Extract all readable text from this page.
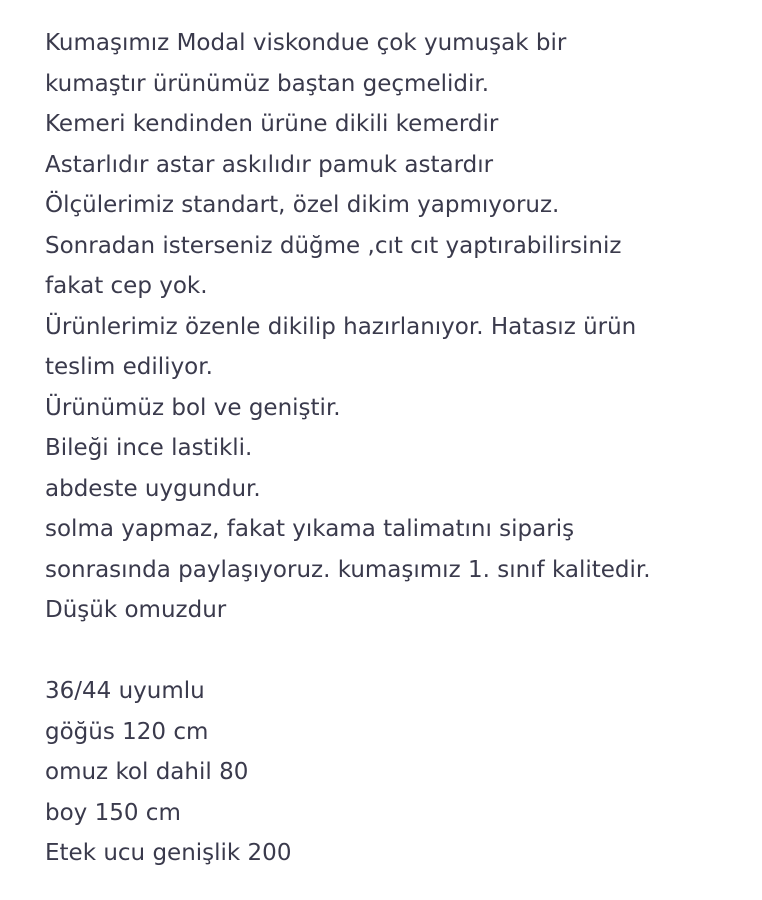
Kumaşımız Modal viskondue çok yumuşak bir
kumaştır ürünümüz baştan geçmelidir.
Kemeri kendinden ürüne dikili kemerdir
Astarlıdır astar askılıdır pamuk astardır
Ölçülerimiz standart, özel dikim yapmıyoruz.
Sonradan isterseniz düğme ,cıt cıt yaptırabilirsiniz
fakat cep yok.
Ürünlerimiz özenle dikilip hazırlanıyor. Hatasız ürün
teslim ediliyor.
Ürünümüz bol ve geniştir.
Bileği ince lastikli.
abdeste uygundur.
solma yapmaz, fakat yıkama talimatını sipariş
sonrasında paylaşıyoruz. kumaşımız 1. sınıf kalitedir.
Düşük omuzdur
36/44 uyumlu
göğüs 120 cm
omuz kol dahil 80
boy 150 cm
Etek ucu genişlik 200
